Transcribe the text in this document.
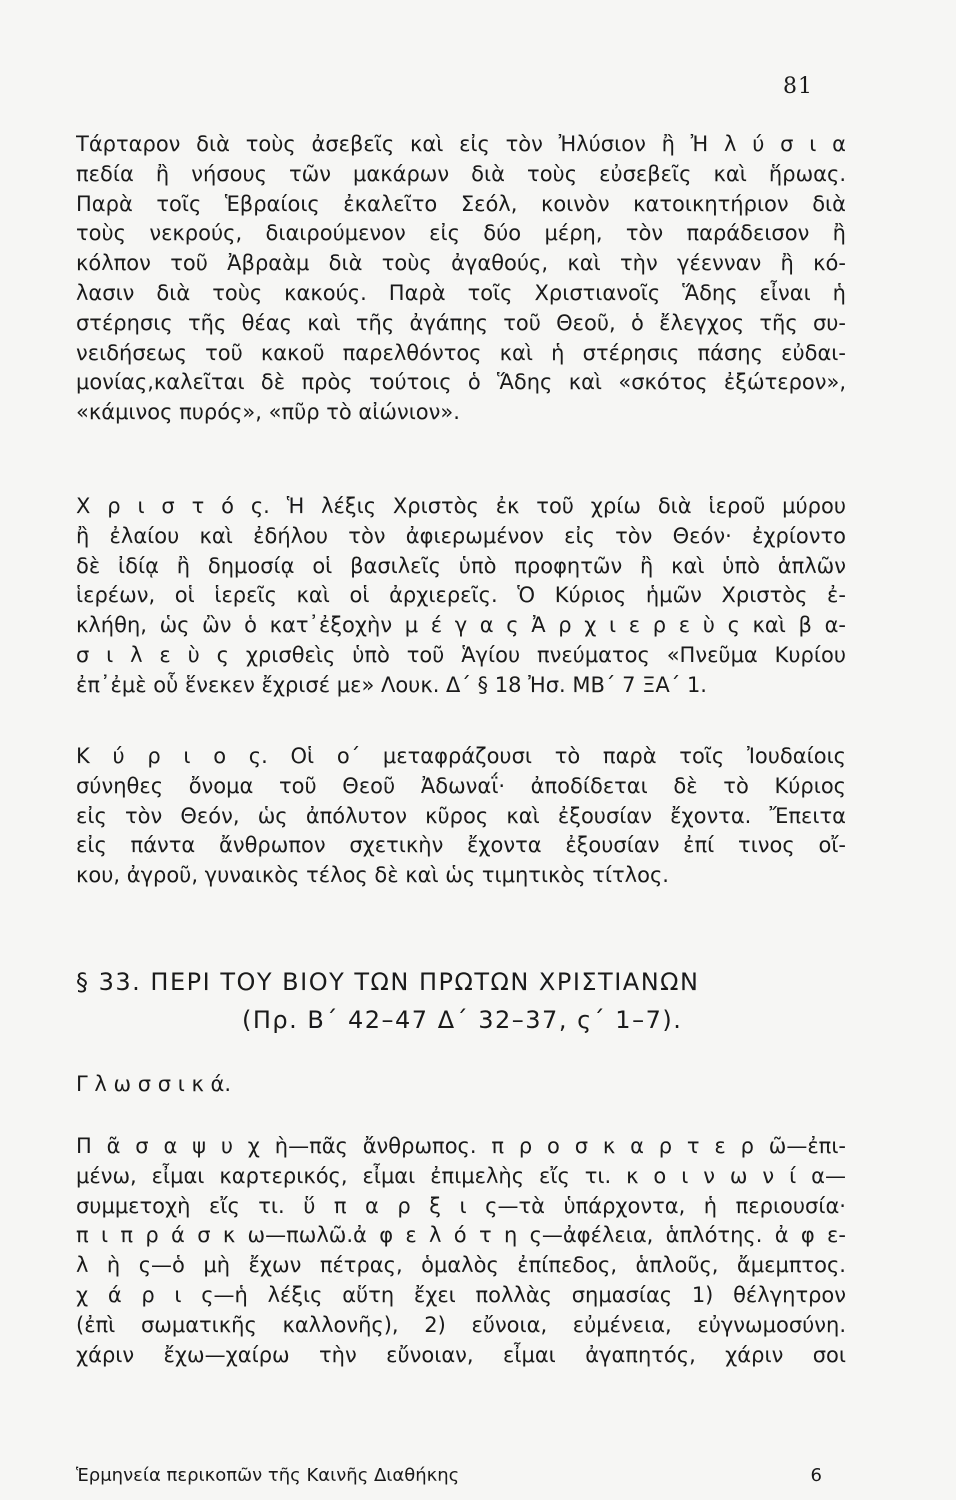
81
Τάρταρον διὰ τοὺς ἀσεβεῖς καὶ εἰς τὸν Ἠλύσιον ἢ Ἠ λ ύ σ ι α
πεδία ἢ νήσους τῶν μακάρων διὰ τοὺς εὐσεβεῖς καὶ ἥρωας.
Παρὰ τοῖς Ἑβραίοις ἐκαλεῖτο Σεόλ, κοινὸν κατοικητήριον διὰ
τοὺς νεκρούς, διαιρούμενον εἰς δύο μέρη, τὸν παράδεισον ἢ
κόλπον τοῦ Ἀβραὰμ διὰ τοὺς ἀγαθούς, καὶ τὴν γέενναν ἢ κό-
λασιν διὰ τοὺς κακούς. Παρὰ τοῖς Χριστιανοῖς Ἅδης εἶναι ἡ
στέρησις τῆς θέας καὶ τῆς ἀγάπης τοῦ Θεοῦ, ὁ ἔλεγχος τῆς συ-
νειδήσεως τοῦ κακοῦ παρελθόντος καὶ ἡ στέρησις πάσης εὐδαι-
μονίας,καλεῖται δὲ πρὸς τούτοις ὁ Ἅδης καὶ «σκότος ἐξώτερον»,
«κάμινος πυρός», «πῦρ τὸ αἰώνιον».
Χ ρ ι σ τ ό ς. Ἡ λέξις Χριστὸς ἐκ τοῦ χρίω διὰ ἱεροῦ μύρου
ἢ ἐλαίου καὶ ἐδήλου τὸν ἀφιερωμένον εἰς τὸν Θεόν· ἐχρίοντο
δὲ ἰδίᾳ ἢ δημοσίᾳ οἱ βασιλεῖς ὑπὸ προφητῶν ἢ καὶ ὑπὸ ἁπλῶν
ἱερέων, οἱ ἱερεῖς καὶ οἱ ἀρχιερεῖς. Ὁ Κύριος ἡμῶν Χριστὸς ἐ-
κλήθη, ὡς ὢν ὁ κατ᾽ἐξοχὴν μ έ γ α ς Ἀ ρ χ ι ε ρ ε ὺ ς καὶ β α-
σ ι λ ε ὺ ς χρισθεὶς ὑπὸ τοῦ Ἁγίου πνεύματος «Πνεῦμα Κυρίου
ἐπ᾽ἐμὲ οὗ ἕνεκεν ἔχρισέ με» Λουκ. Δ΄ § 18 Ἠσ. ΜΒ΄ 7 ΞΑ΄ 1.
Κ ύ ρ ι ο ς. Οἱ ο΄ μεταφράζουσι τὸ παρὰ τοῖς Ἰουδαίοις
σύνηθες ὄνομα τοῦ Θεοῦ Ἀδωναΐ· ἀποδίδεται δὲ τὸ Κύριος
εἰς τὸν Θεόν, ὡς ἀπόλυτον κῦρος καὶ ἐξουσίαν ἔχοντα. Ἔπειτα
εἰς πάντα ἄνθρωπον σχετικὴν ἔχοντα ἐξουσίαν ἐπί τινος οἴ-
κου, ἀγροῦ, γυναικὸς τέλος δὲ καὶ ὡς τιμητικὸς τίτλος.
§ 33. ΠΕΡΙ ΤΟΥ ΒΙΟΥ ΤΩΝ ΠΡΩΤΩΝ ΧΡΙΣΤΙΑΝΩΝ
(Πρ. Β΄ 42–47 Δ΄ 32–37, ς΄ 1–7).
Γ λ ω σ σ ι κ ά.
Π ᾶ σ α ψ υ χ ὴ—πᾶς ἄνθρωπος. π ρ ο σ κ α ρ τ ε ρ ῶ—ἐπι-
μένω, εἶμαι καρτερικός, εἶμαι ἐπιμελὴς εἴς τι. κ ο ι ν ω ν ί α—
συμμετοχὴ εἴς τι. ὕ π α ρ ξ ι ς—τὰ ὑπάρχοντα, ἡ περιουσία·
π ι π ρ ά σ κ ω—πωλῶ.ἀ φ ε λ ό τ η ς—ἀφέλεια, ἁπλότης. ἀ φ ε-
λ ὴ ς—ὁ μὴ ἔχων πέτρας, ὁμαλὸς ἐπίπεδος, ἁπλοῦς, ἄμεμπτος.
χ ά ρ ι ς—ἡ λέξις αὕτη ἔχει πολλὰς σημασίας 1) θέλγητρον
(ἐπὶ σωματικῆς καλλονῆς), 2) εὔνοια, εὐμένεια, εὐγνωμοσύνη.
χάριν ἔχω—χαίρω τὴν εὔνοιαν, εἶμαι ἀγαπητός, χάριν σοι
Ἑρμηνεία περικοπῶν τῆς Καινῆς Διαθήκης	6
